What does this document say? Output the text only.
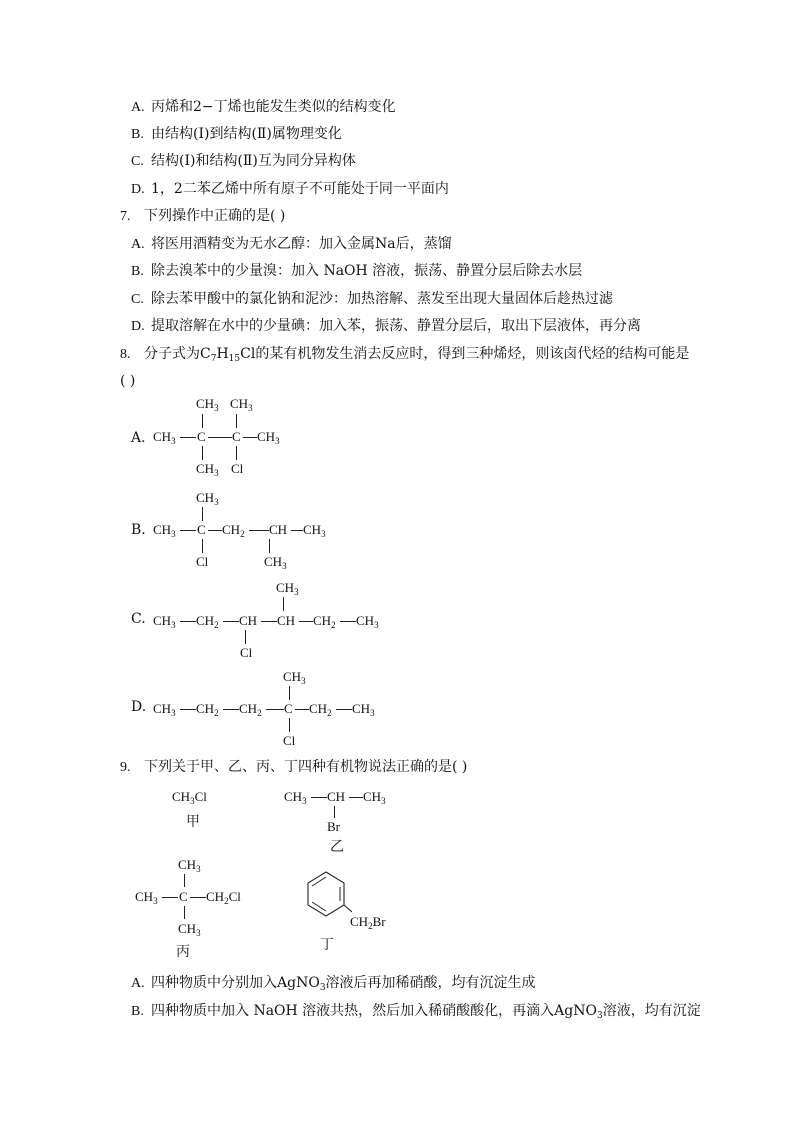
A. 丙烯和2−丁烯也能发生类似的结构变化
B. 由结构(Ⅰ)到结构(Ⅱ)属物理变化
C. 结构(Ⅰ)和结构(Ⅱ)互为同分异构体
D. 1，2二苯乙烯中所有原子不可能处于同一平面内
7. 下列操作中正确的是( )
A. 将医用酒精变为无水乙醇：加入金属Na后，蒸馏
B. 除去溴苯中的少量溴：加入 NaOH 溶液，振荡、静置分层后除去水层
C. 除去苯甲酸中的氯化钠和泥沙：加热溶解、蒸发至出现大量固体后趁热过滤
D. 提取溶解在水中的少量碘：加入苯，振荡、静置分层后，取出下层液体，再分离
8. 分子式为$C_7H_{15}Cl$的某有机物发生消去反应时，得到三种烯烃，则该卤代烃的结构可能是
( )
A.
$CH_3$ $CH_3$
$CH_3$ C C $CH_3$
$CH_3$ Cl
B.
$CH_3$
$CH_3$ C $CH_2$ CH $CH_3$
Cl	$CH_3$
C.
$CH_3$
$CH_3$ $CH_2$ CH CH $CH_2$ $CH_3$
Cl
D.
$CH_3$
$CH_3$ $CH_2$ $CH_2$ C $CH_2$ $CH_3$
Cl
9. 下列关于甲、乙、丙、丁四种有机物说法正确的是( )
$CH_3Cl$
甲
$CH_3$ CH $CH_3$
Br
乙
$CH_3$
$CH_3$ C $CH_2Cl$
$CH_3$
丙
$CH_2Br$
丁
A. 四种物质中分别加入AgNO$_3$溶液后再加稀硝酸，均有沉淀生成
B. 四种物质中加入 NaOH 溶液共热，然后加入稀硝酸酸化，再滴入AgNO$_3$溶液，均有沉淀
